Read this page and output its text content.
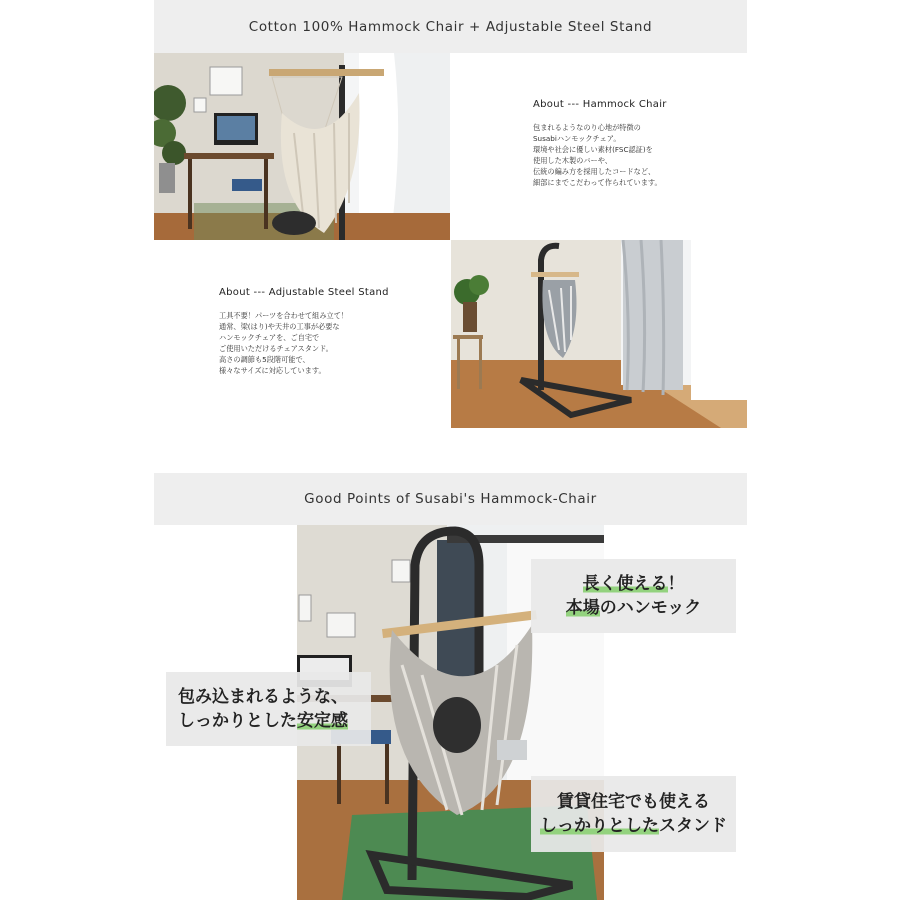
Cotton 100% Hammock Chair + Adjustable Steel Stand
About --- Hammock Chair
包まれるようなのり心地が特徴の
Susabiハンモックチェア。
環境や社会に優しい素材(FSC認証)を
使用した木製のバーや、
伝統の編み方を採用したコードなど、
細部にまでこだわって作られています。
About --- Adjustable Steel Stand
工具不要！パーツを合わせて組み立て！
通常、梁(はり)や天井の工事が必要な
ハンモックチェアを、ご自宅で
ご使用いただけるチェアスタンド。
高さの調節も5段階可能で、
様々なサイズに対応しています。
Good Points of Susabi's Hammock-Chair
長く使える！
本場のハンモック
包み込まれるような、
しっかりとした安定感
賃貸住宅でも使える
しっかりとしたスタンド
